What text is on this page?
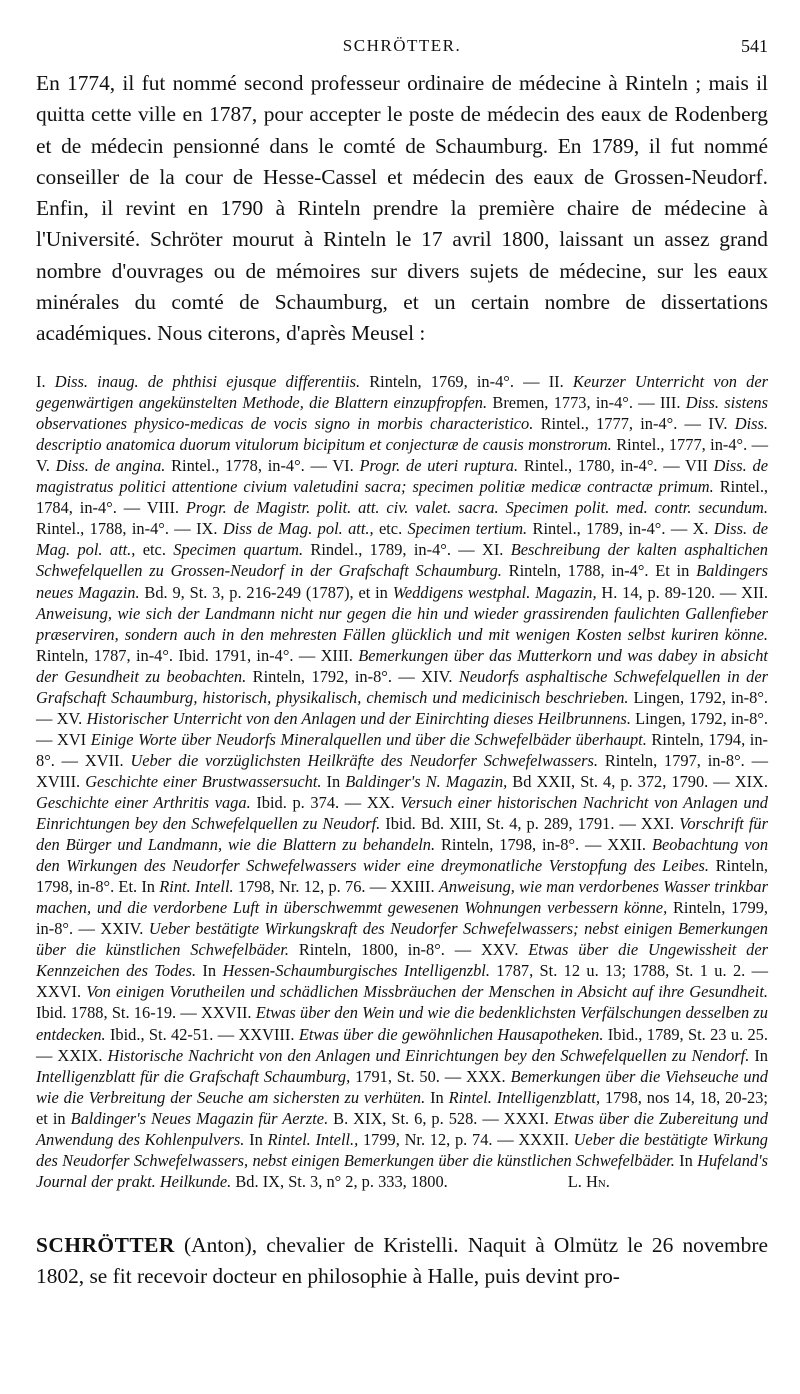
SCHRÖTTER.	541

En 1774, il fut nommé second professeur ordinaire de médecine à Rinteln ; mais il quitta cette ville en 1787, pour accepter le poste de médecin des eaux de Rodenberg et de médecin pensionné dans le comté de Schaumburg. En 1789, il fut nommé conseiller de la cour de Hesse-Cassel et médecin des eaux de Grossen-Neudorf. Enfin, il revint en 1790 à Rinteln prendre la première chaire de médecine à l'Université. Schröter mourut à Rinteln le 17 avril 1800, laissant un assez grand nombre d'ouvrages ou de mémoires sur divers sujets de médecine, sur les eaux minérales du comté de Schaumburg, et un certain nombre de dissertations académiques. Nous citerons, d'après Meusel :

I. Diss. inaug. de phthisi ejusque differentiis. Rinteln, 1769, in-4°. — II. Keurzer Unterricht von der gegenwärtigen angekünstelten Methode, die Blattern einzupfropfen. Bremen, 1773, in-4°. — III. Diss. sistens observationes physico-medicas de vocis signo in morbis characteristico. Rintel., 1777, in-4°. — IV. Diss. descriptio anatomica duorum vitulorum bicipitum et conjecturæ de causis monstrorum. Rintel., 1777, in-4°. — V. Diss. de angina. Rintel., 1778, in-4°. — VI. Progr. de uteri ruptura. Rintel., 1780, in-4°. — VII Diss. de magistratus politici attentione civium valetudini sacra; specimen politiæ medicæ contractæ primum. Rintel., 1784, in-4°. — VIII. Progr. de Magistr. polit. att. civ. valet. sacra. Specimen polit. med. contr. secundum. Rintel., 1788, in-4°. — IX. Diss de Mag. pol. att., etc. Specimen tertium. Rintel., 1789, in-4°. — X. Diss. de Mag. pol. att., etc. Specimen quartum. Rindel., 1789, in-4°. — XI. Beschreibung der kalten asphaltichen Schwefelquellen zu Grossen-Neudorf in der Grafschaft Schaumburg. Rinteln, 1788, in-4°. Et in Baldingers neues Magazin. Bd. 9, St. 3, p. 216-249 (1787), et in Weddigens westphal. Magazin, H. 14, p. 89-120. — XII. Anweisung, wie sich der Landmann nicht nur gegen die hin und wieder grassirenden faulichten Gallenfieber præserviren, sondern auch in den mehresten Fällen glücklich und mit wenigen Kosten selbst kuriren könne. Rinteln, 1787, in-4°. Ibid. 1791, in-4°. — XIII. Bemerkungen über das Mutterkorn und was dabey in absicht der Gesundheit zu beobachten. Rinteln, 1792, in-8°. — XIV. Neudorfs asphaltische Schwefelquellen in der Grafschaft Schaumburg, historisch, physikalisch, chemisch und medicinisch beschrieben. Lingen, 1792, in-8°. — XV. Historischer Unterricht von den Anlagen und der Einirchting dieses Heilbrunnens. Lingen, 1792, in-8°. — XVI Einige Worte über Neudorfs Mineralquellen und über die Schwefelbäder überhaupt. Rinteln, 1794, in-8°. — XVII. Ueber die vorzüglichsten Heilkräfte des Neudorfer Schwefelwassers. Rinteln, 1797, in-8°. — XVIII. Geschichte einer Brustwassersucht. In Baldinger's N. Magazin, Bd XXII, St. 4, p. 372, 1790. — XIX. Geschichte einer Arthritis vaga. Ibid. p. 374. — XX. Versuch einer historischen Nachricht von Anlagen und Einrichtungen bey den Schwefelquellen zu Neudorf. Ibid. Bd. XIII, St. 4, p. 289, 1791. — XXI. Vorschrift für den Bürger und Landmann, wie die Blattern zu behandeln. Rinteln, 1798, in-8°. — XXII. Beobachtung von den Wirkungen des Neudorfer Schwefelwassers wider eine dreymonatliche Verstopfung des Leibes. Rinteln, 1798, in-8°. Et. In Rint. Intell. 1798, Nr. 12, p. 76. — XXIII. Anweisung, wie man verdorbenes Wasser trinkbar machen, und die verdorbene Luft in überschwemmt gewesenen Wohnungen verbessern könne, Rinteln, 1799, in-8°. — XXIV. Ueber bestätigte Wirkungskraft des Neudorfer Schwefelwassers; nebst einigen Bemerkungen über die künstlichen Schwefelbäder. Rinteln, 1800, in-8°. — XXV. Etwas über die Ungewissheit der Kennzeichen des Todes. In Hessen-Schaumburgisches Intelligenzbl. 1787, St. 12 u. 13; 1788, St. 1 u. 2. — XXVI. Von einigen Vorutheilen und schädlichen Missbräuchen der Menschen in Absicht auf ihre Gesundheit. Ibid. 1788, St. 16-19. — XXVII. Etwas über den Wein und wie die bedenklichsten Verfälschungen desselben zu entdecken. Ibid., St. 42-51. — XXVIII. Etwas über die gewöhnlichen Hausapotheken. Ibid., 1789, St. 23 u. 25. — XXIX. Historische Nachricht von den Anlagen und Einrichtungen bey den Schwefelquellen zu Nendorf. In Intelligenzblatt für die Grafschaft Schaumburg, 1791, St. 50. — XXX. Bemerkungen über die Viehseuche und wie die Verbreitung der Seuche am sichersten zu verhüten. In Rintel. Intelligenzblatt, 1798, nos 14, 18, 20-23; et in Baldinger's Neues Magazin für Aerzte. B. XIX, St. 6, p. 528. — XXXI. Etwas über die Zubereitung und Anwendung des Kohlenpulvers. In Rintel. Intell., 1799, Nr. 12, p. 74. — XXXII. Ueber die bestätigte Wirkung des Neudorfer Schwefelwassers, nebst einigen Bemerkungen über die künstlichen Schwefelbäder. In Hufeland's Journal der prakt. Heilkunde. Bd. IX, St. 3, n° 2, p. 333, 1800.	L. Hn.

SCHRÖTTER (Anton), chevalier de Kristelli. Naquit à Olmütz le 26 novembre 1802, se fit recevoir docteur en philosophie à Halle, puis devint pro-
